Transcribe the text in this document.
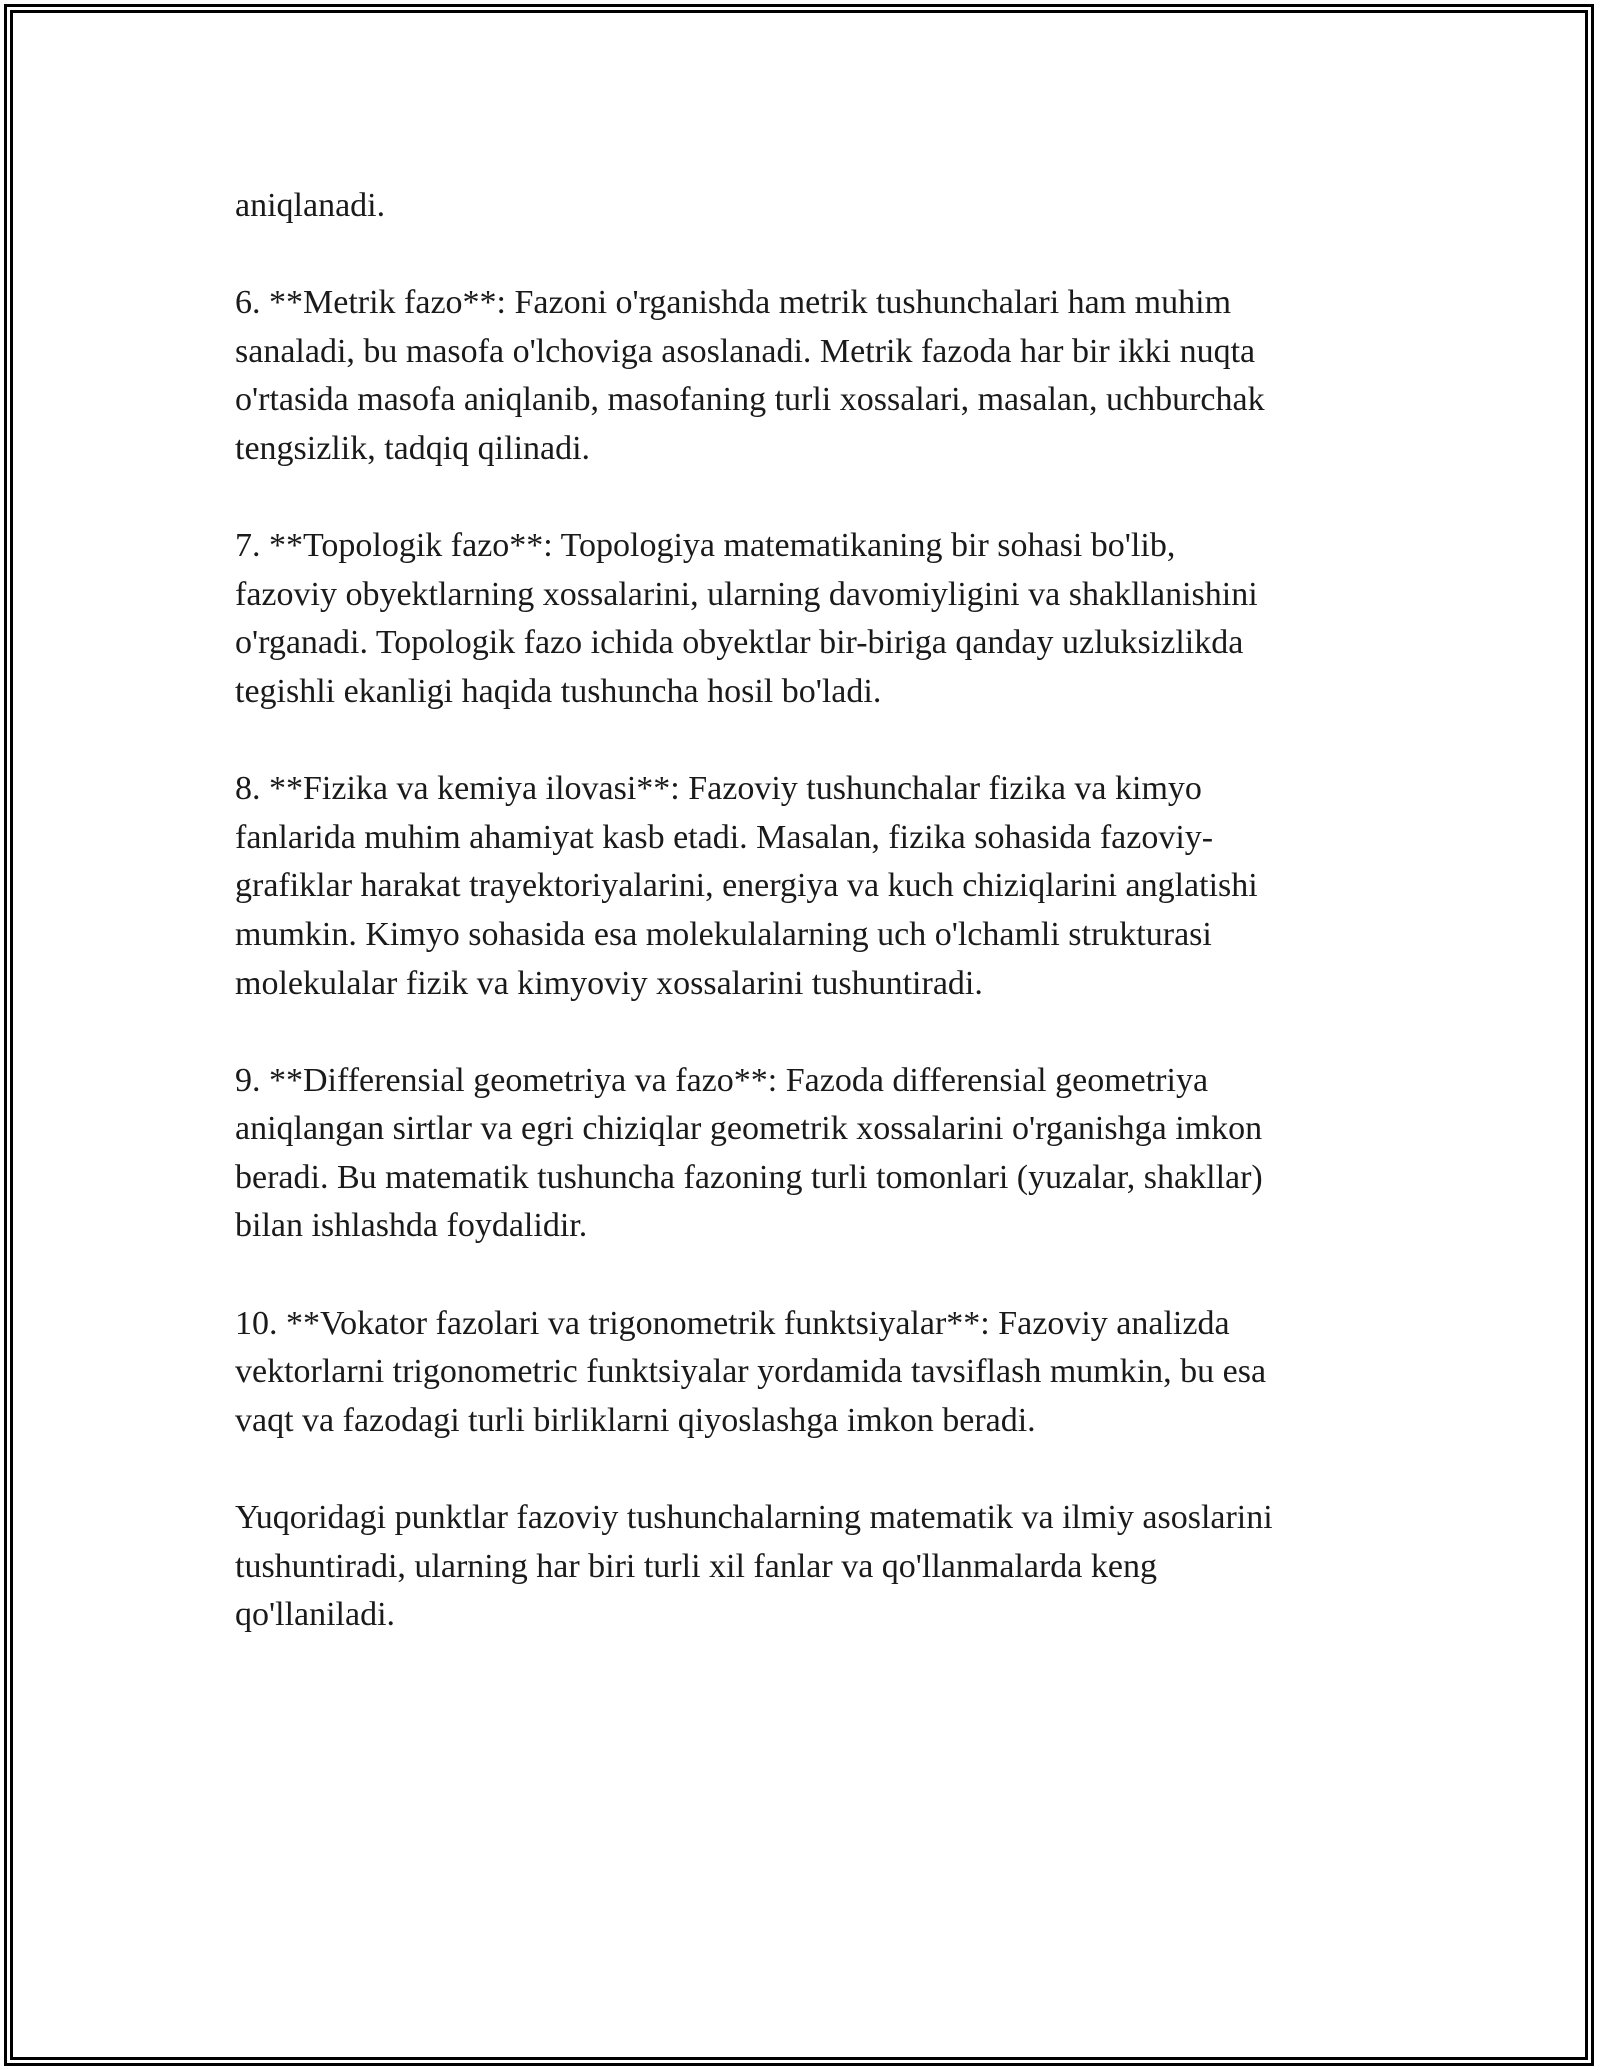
aniqlanadi.

6. **Metrik fazo**: Fazoni o'rganishda metrik tushunchalari ham muhim
sanaladi, bu masofa o'lchoviga asoslanadi. Metrik fazoda har bir ikki nuqta
o'rtasida masofa aniqlanib, masofaning turli xossalari, masalan, uchburchak
tengsizlik, tadqiq qilinadi.

7. **Topologik fazo**: Topologiya matematikaning bir sohasi bo'lib,
fazoviy obyektlarning xossalarini, ularning davomiyligini va shakllanishini
o'rganadi. Topologik fazo ichida obyektlar bir-biriga qanday uzluksizlikda
tegishli ekanligi haqida tushuncha hosil bo'ladi.

8. **Fizika va kemiya ilovasi**: Fazoviy tushunchalar fizika va kimyo
fanlarida muhim ahamiyat kasb etadi. Masalan, fizika sohasida fazoviy-
grafiklar harakat trayektoriyalarini, energiya va kuch chiziqlarini anglatishi
mumkin. Kimyo sohasida esa molekulalarning uch o'lchamli strukturasi
molekulalar fizik va kimyoviy xossalarini tushuntiradi.

9. **Differensial geometriya va fazo**: Fazoda differensial geometriya
aniqlangan sirtlar va egri chiziqlar geometrik xossalarini o'rganishga imkon
beradi. Bu matematik tushuncha fazoning turli tomonlari (yuzalar, shakllar)
bilan ishlashda foydalidir.

10. **Vokator fazolari va trigonometrik funktsiyalar**: Fazoviy analizda
vektorlarni trigonometric funktsiyalar yordamida tavsiflash mumkin, bu esa
vaqt va fazodagi turli birliklarni qiyoslashga imkon beradi.

Yuqoridagi punktlar fazoviy tushunchalarning matematik va ilmiy asoslarini
tushuntiradi, ularning har biri turli xil fanlar va qo'llanmalarda keng
qo'llaniladi.
